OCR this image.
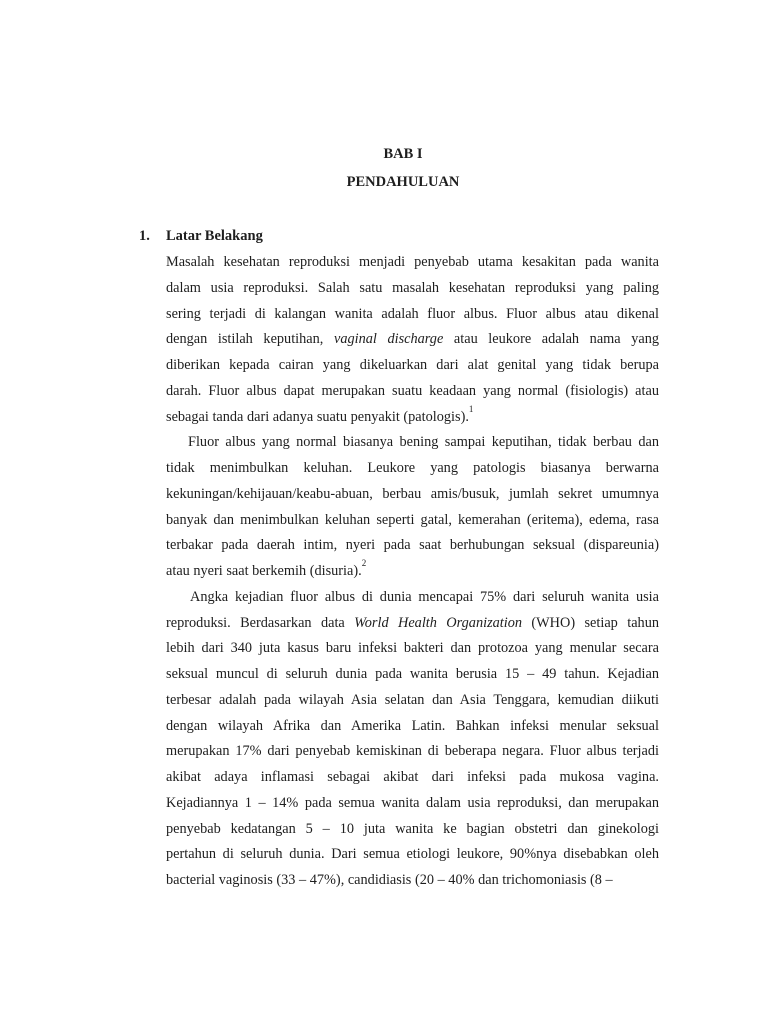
BAB I
PENDAHULUAN
1. Latar Belakang
Masalah kesehatan reproduksi menjadi penyebab utama kesakitan pada wanita
dalam usia reproduksi. Salah satu masalah kesehatan reproduksi yang paling
sering terjadi di kalangan wanita adalah fluor albus. Fluor albus atau dikenal
dengan istilah keputihan, vaginal discharge atau leukore adalah nama yang
diberikan kepada cairan yang dikeluarkan dari alat genital yang tidak berupa
darah. Fluor albus dapat merupakan suatu keadaan yang normal (fisiologis) atau
sebagai tanda dari adanya suatu penyakit (patologis).$^1$
Fluor albus yang normal biasanya bening sampai keputihan, tidak berbau dan
tidak menimbulkan keluhan. Leukore yang patologis biasanya berwarna
kekuningan/kehijauan/keabu-abuan, berbau amis/busuk, jumlah sekret umumnya
banyak dan menimbulkan keluhan seperti gatal, kemerahan (eritema), edema, rasa
terbakar pada daerah intim, nyeri pada saat berhubungan seksual (dispareunia)
atau nyeri saat berkemih (disuria).$^2$
Angka kejadian fluor albus di dunia mencapai 75% dari seluruh wanita usia
reproduksi. Berdasarkan data World Health Organization (WHO) setiap tahun
lebih dari 340 juta kasus baru infeksi bakteri dan protozoa yang menular secara
seksual muncul di seluruh dunia pada wanita berusia 15 – 49 tahun. Kejadian
terbesar adalah pada wilayah Asia selatan dan Asia Tenggara, kemudian diikuti
dengan wilayah Afrika dan Amerika Latin. Bahkan infeksi menular seksual
merupakan 17% dari penyebab kemiskinan di beberapa negara. Fluor albus terjadi
akibat adaya inflamasi sebagai akibat dari infeksi pada mukosa vagina.
Kejadiannya 1 – 14% pada semua wanita dalam usia reproduksi, dan merupakan
penyebab kedatangan 5 – 10 juta wanita ke bagian obstetri dan ginekologi
pertahun di seluruh dunia. Dari semua etiologi leukore, 90%nya disebabkan oleh
bacterial vaginosis (33 – 47%), candidiasis (20 – 40% dan trichomoniasis (8 –
